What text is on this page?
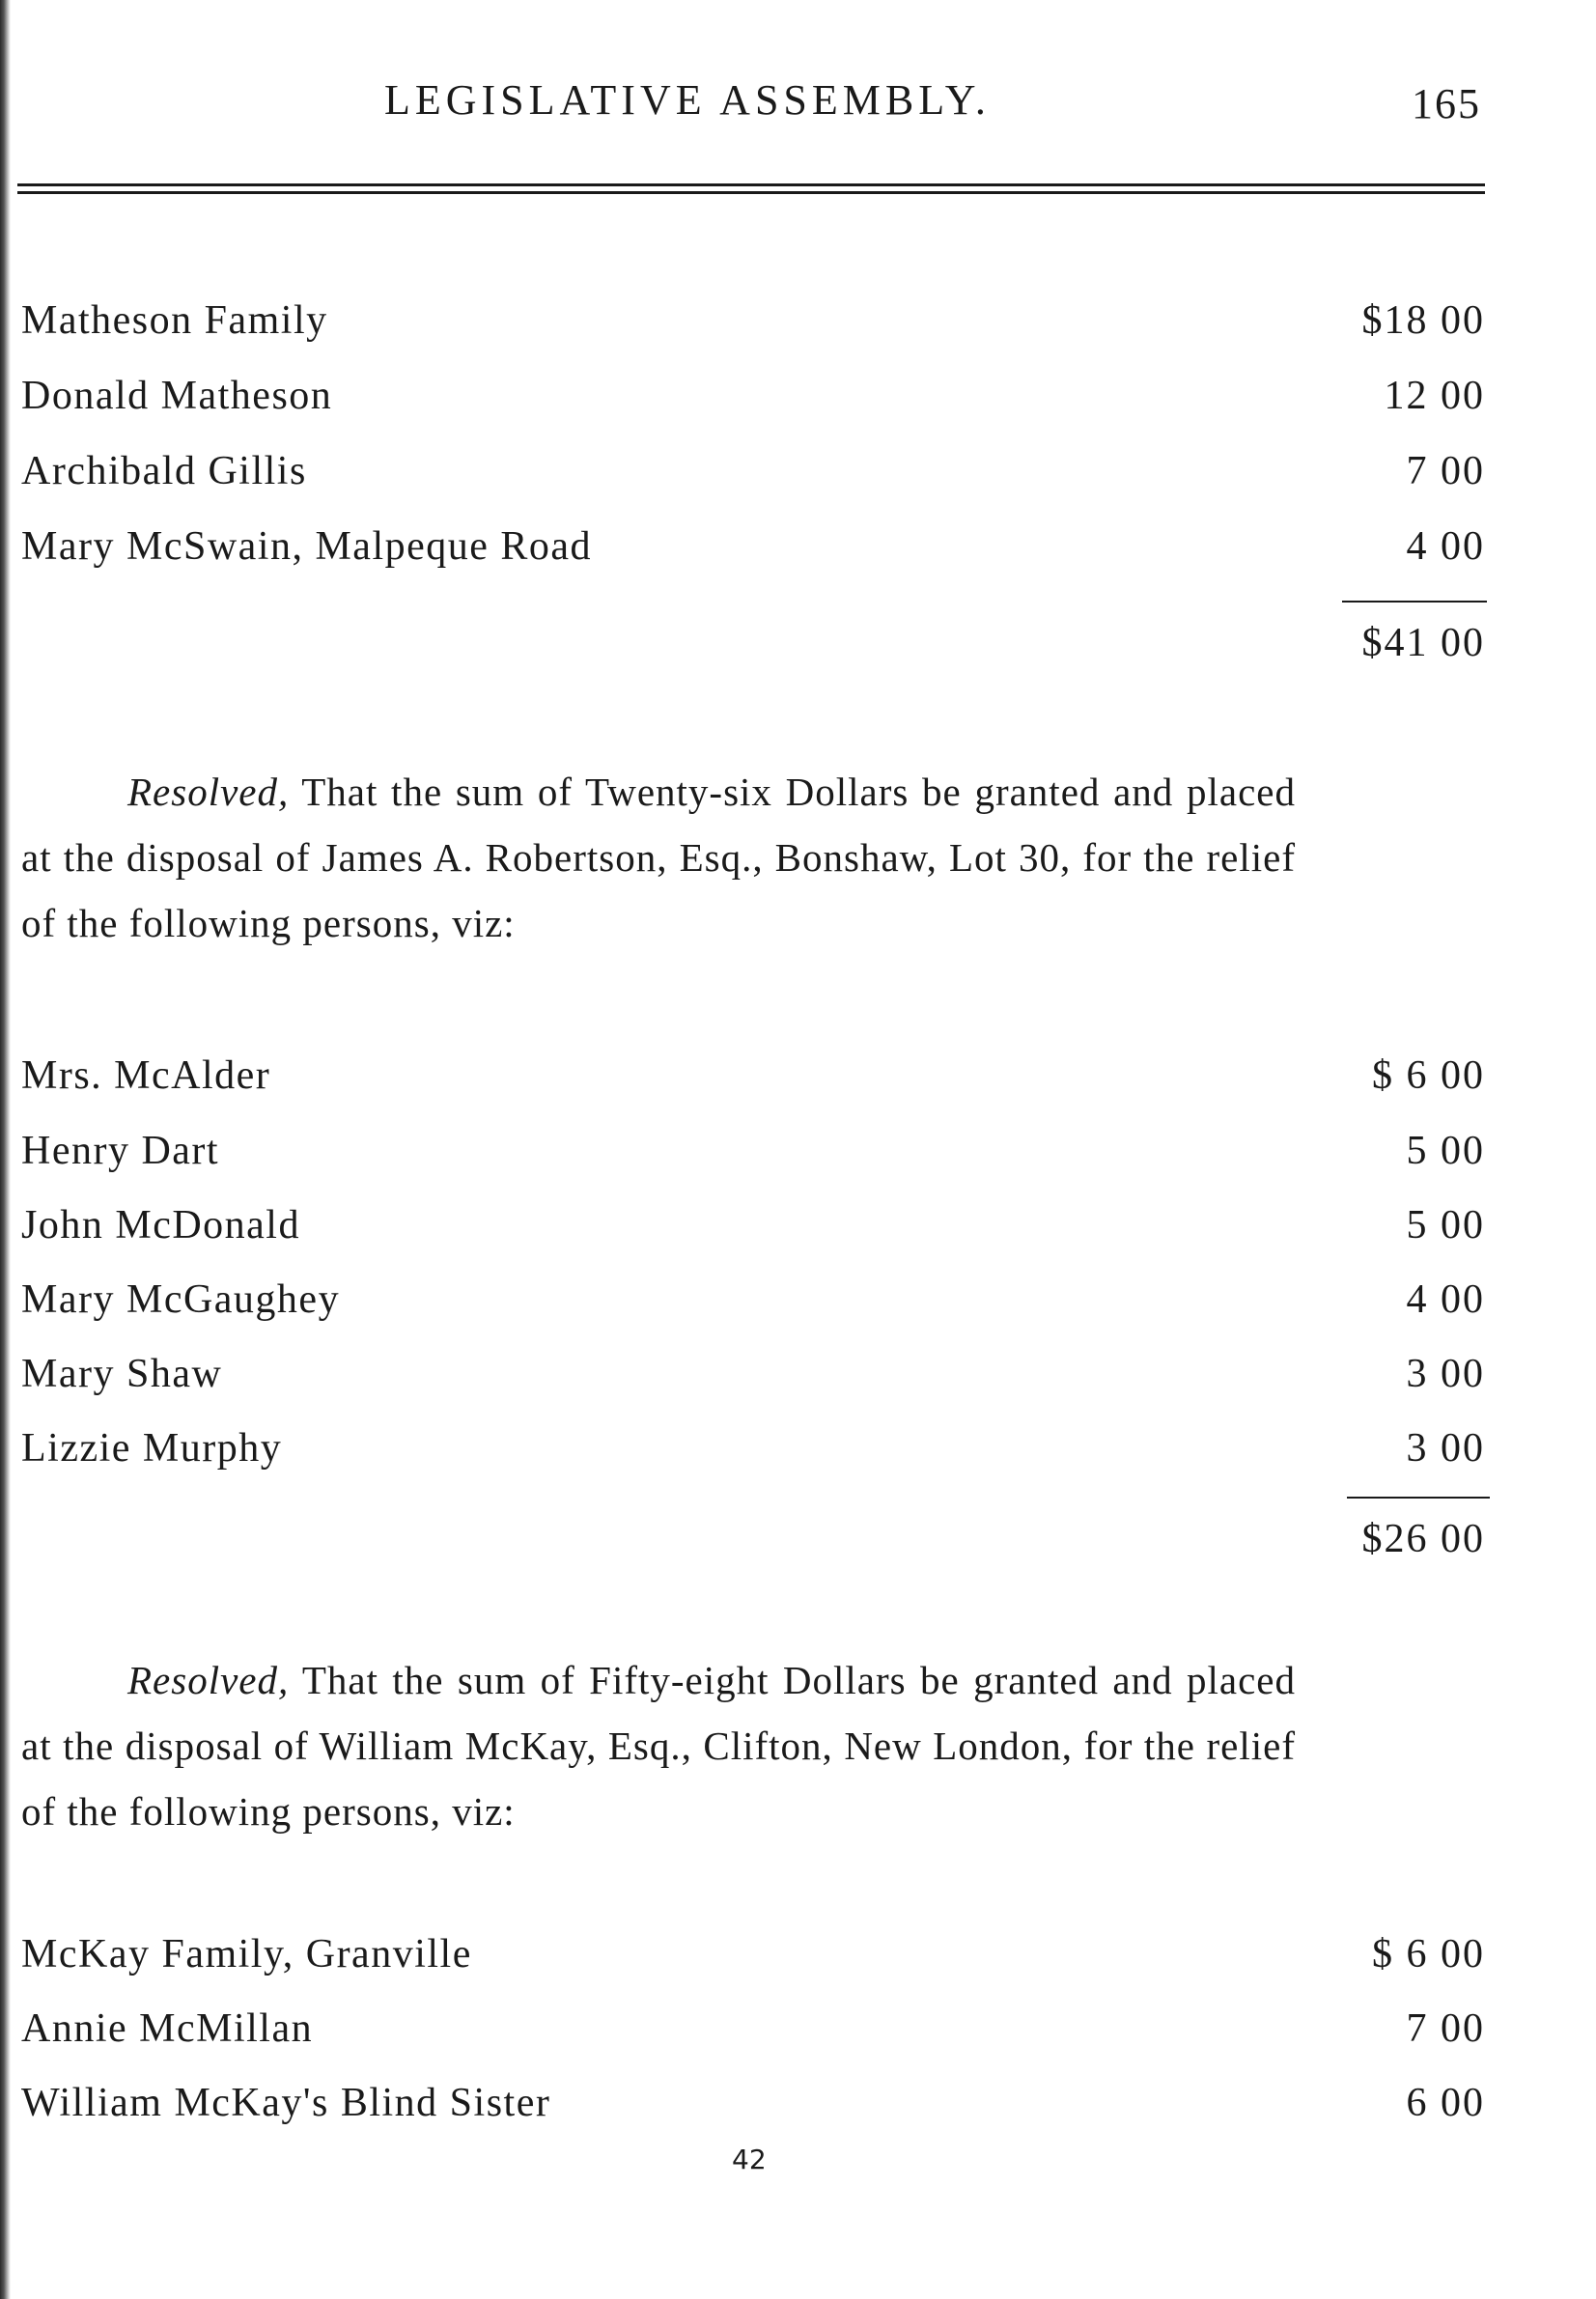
LEGISLATIVE ASSEMBLY.	165
Matheson Family	$18 00
Donald Matheson	12 00
Archibald Gillis	7 00
Mary McSwain, Malpeque Road	4 00
$41 00

Resolved, That the sum of Twenty-six Dollars be granted and placed at the disposal of James A. Robertson, Esq., Bonshaw, Lot 30, for the relief of the following persons, viz:

Mrs. McAlder	$ 6 00
Henry Dart	5 00
John McDonald	5 00
Mary McGaughey	4 00
Mary Shaw	3 00
Lizzie Murphy	3 00
$26 00

Resolved, That the sum of Fifty-eight Dollars be granted and placed at the disposal of William McKay, Esq., Clifton, New London, for the relief of the following persons, viz:

McKay Family, Granville	$ 6 00
Annie McMillan	7 00
William McKay's Blind Sister	6 00
42
